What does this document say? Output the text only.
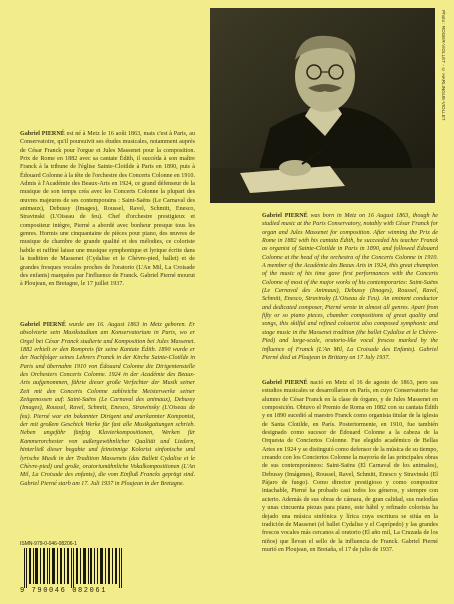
Photo : ROGER-VIOLLET - © HARLINGUE-VIOLLET

Gabriel PIERNÉ est né à Metz le 16 août 1863, mais c'est à Paris, au Conservatoire, qu'il poursuivit ses études musicales, notamment auprès de César Franck pour l'orgue et Jules Massenet pour la composition. Prix de Rome en 1882 avec sa cantate Édith, il succéda à son maître Franck à la tribune de l'église Sainte-Clotilde à Paris en 1890, puis à Édouard Colonne à la tête de l'orchestre des Concerts Colonne en 1910. Admis à l'Académie des Beaux-Arts en 1924, ce grand défenseur de la musique de son temps créa avec les Concerts Colonne la plupart des œuvres majeures de ses contemporains : Saint-Saëns (Le Carnaval des animaux), Debussy (Images), Roussel, Ravel, Schmitt, Enesco, Stravinski (L'Oiseau de feu). Chef d'orchestre prestigieux et compositeur intègre, Pierné a abordé avec bonheur presque tous les genres. Hormis une cinquantaine de pièces pour piano, des œuvres de musique de chambre de grande qualité et des mélodies, ce coloriste habile et raffiné laisse une musique symphonique et lyrique écrite dans la tradition de Massenet (Cydalise et le Chèvre-pied, ballet) et de grandes fresques vocales proches de l'oratorio (L'An Mil, La Croisade des enfants) marquées par l'influence de Franck. Gabriel Pierné mourut à Ploujean, en Bretagne, le 17 juillet 1937.

Gabriel PIERNÉ wurde am 16. August 1863 in Metz geboren. Er absolvierte sein Musikstudium am Konservatorium in Paris, wo er Orgel bei César Franck studierte und Komposition bei Jules Massenet. 1882 erhielt er den Rompreis für seine Kantate Édith. 1890 wurde er der Nachfolger seines Lehrers Franck in der Kirche Sainte-Clotilde in Paris und übernahm 1910 von Édouard Colonne die Dirigentenstelle des Orchesters Concerts Colonne. 1924 in der Académie des Beaux-Arts aufgenommen, führte dieser große Verfechter der Musik seiner Zeit mit den Concerts Colonne zahlreiche Meisterwerke seiner Zeitgenossen auf: Saint-Saëns (Le Carnaval des animaux), Debussy (Images), Roussel, Ravel, Schmitt, Enesco, Strawinsky (L'Oiseau de feu). Pierné war ein bekannter Dirigent und anerkannter Komponist, der mit großem Geschick Werke für fast alle Musikgattungen schrieb. Neben ungefähr fünfzig Klavierkompositionen, Werken für Kammerorchester von außergewöhnlicher Qualität und Liedern, hinterließ dieser begabte und feinsinnige Kolorist sinfonische und lyrische Musik in der Tradition Massenets (das Ballett Cydalise et le Chèvre-pied) und große, oratoriumähnliche Vokalkompositionen (L'An Mil, La Croisade des enfants), die vom Einfluß Francks geprägt sind. Gabriel Pierné starb am 17. Juli 1937 in Ploujean in der Bretagne.

Gabriel PIERNÉ was born in Metz on 16 August 1863, though he studied music at the Paris Conservatory, notably with César Franck for organ and Jules Massenet for composition. After winning the Prix de Rome in 1882 with his cantata Édith, he succeeded his teacher Franck as organist of Sainte-Clotilde in Paris in 1890, and followed Édouard Colonne at the head of the orchestra of the Concerts Colonne in 1910. A member of the Académie des Beaux Arts in 1924, this great champion of the music of his time gave first performances with the Concerts Colonne of most of the major works of his contemporaries: Saint-Saëns (Le Carnaval des Animaux), Debussy (Images), Roussel, Ravel, Schmitt, Enesco, Stravinsky (L'Oiseau de Feu). An eminent conductor and dedicated composer, Pierné wrote in almost all genres. Apart from fifty or so piano pieces, chamber compositions of great quality and songs, this skilful and refined colourist also composed symphonic and stage music in the Massenet tradition (the ballet Cydalise et le Chèvre-Pied) and large-scale, oratorio-like vocal frescos marked by the influence of Franck (L'An Mil, La Croisade des Enfants). Gabriel Pierné died at Ploujean in Brittany on 17 July 1937.

Gabriel PIERNÉ nació en Metz el 16 de agosto de 1863, pero sus estudios musicales se desarrollaron en París, en cuyo Conservatorio fue alumno de César Franck en la clase de órgano, y de Jules Massenet en composición. Obtuvo el Premio de Roma en 1882 con su cantata Édith y en 1890 sucedió al maestro Franck como organista titular de la iglesia de Santa Clotilde, en París. Posteriormente, en 1910, fue también designado como sucesor de Édouard Colonne a la cabeza de la Orquesta de Conciertos Colonne. Fue elegido académico de Bellas Artes en 1924 y se distinguió como defensor de la música de su tiempo, creando con los Conciertos Colonne la mayoría de las principales obras de sus contemporáneos: Saint-Saëns (El Carnaval de los animales), Debussy (Imágenes), Roussel, Ravel, Schmitt, Enesco y Stravinski (El Pájaro de fuego). Como director prestigioso y como compositor intachable, Pierné ha probado casi todos los géneros, y siempre con acierto. Además de sus obras de cámara, de gran calidad, sus melodías y unas cincuenta piezas para piano, este hábil y refinado colorista ha dejado una música sinfónica y lírica cuya escritura se sitúa en la tradición de Massenet (el ballet Cydalise y el Caprípedo) y las grandes frescos vocales más cercanos al oratorio (El año mil, La Cruzada de los niños) que llevan el sello de la influencia de Franck. Gabriel Pierné murió en Ploujean, en Bretaña, el 17 de julio de 1937.

ISMN-979-0-046-08206-1
9 790046 082061
